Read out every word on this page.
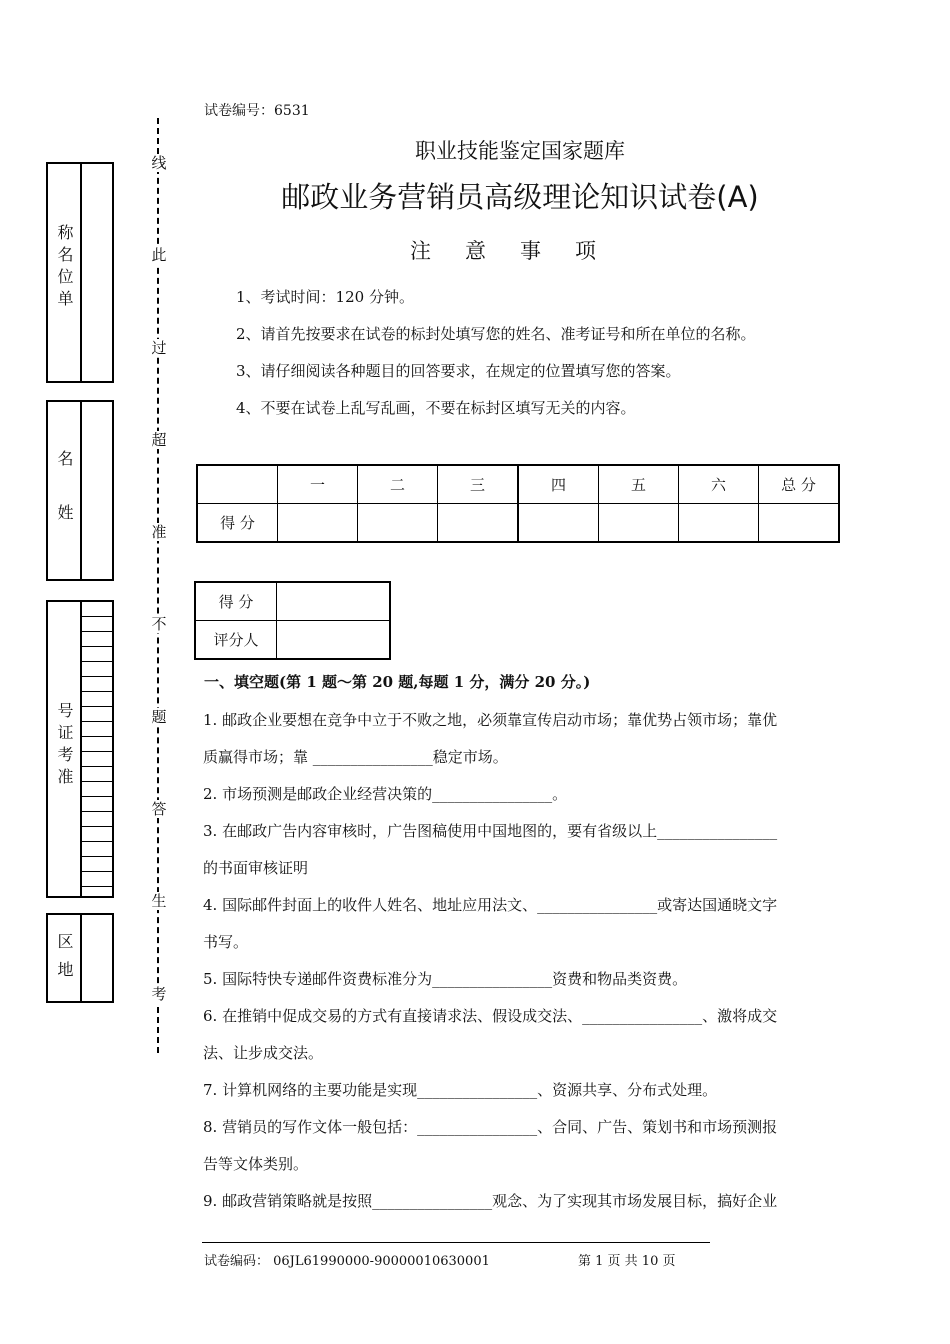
称名位单
名姓
号证考准
区地
线
此
过
超
准
不
题
答
生
考
试卷编号：6531
职业技能鉴定国家题库
邮政业务营销员高级理论知识试卷(A)
注意事项
1、考试时间：120 分钟。
2、请首先按要求在试卷的标封处填写您的姓名、准考证号和所在单位的名称。
3、请仔细阅读各种题目的回答要求，在规定的位置填写您的答案。
4、不要在试卷上乱写乱画，不要在标封区填写无关的内容。
	一	二	三	四	五	六	总 分
得 分							
得 分	
评分人	
一、填空题(第 1 题～第 20 题,每题 1 分，满分 20 分。)
1. 邮政企业要想在竞争中立于不败之地，必须靠宣传启动市场；靠优势占领市场；靠优
质赢得市场；靠 ________________稳定市场。
2. 市场预测是邮政企业经营决策的________________。
3. 在邮政广告内容审核时，广告图稿使用中国地图的，要有省级以上________________
的书面审核证明
4. 国际邮件封面上的收件人姓名、地址应用法文、________________或寄达国通晓文字
书写。
5. 国际特快专递邮件资费标准分为________________资费和物品类资费。
6. 在推销中促成交易的方式有直接请求法、假设成交法、________________、激将成交
法、让步成交法。
7. 计算机网络的主要功能是实现________________、资源共享、分布式处理。
8. 营销员的写作文体一般包括：________________、合同、广告、策划书和市场预测报
告等文体类别。
9. 邮政营销策略就是按照________________观念、为了实现其市场发展目标，搞好企业
试卷编码： 06JL61990000-90000010630001	第 1 页 共 10 页
